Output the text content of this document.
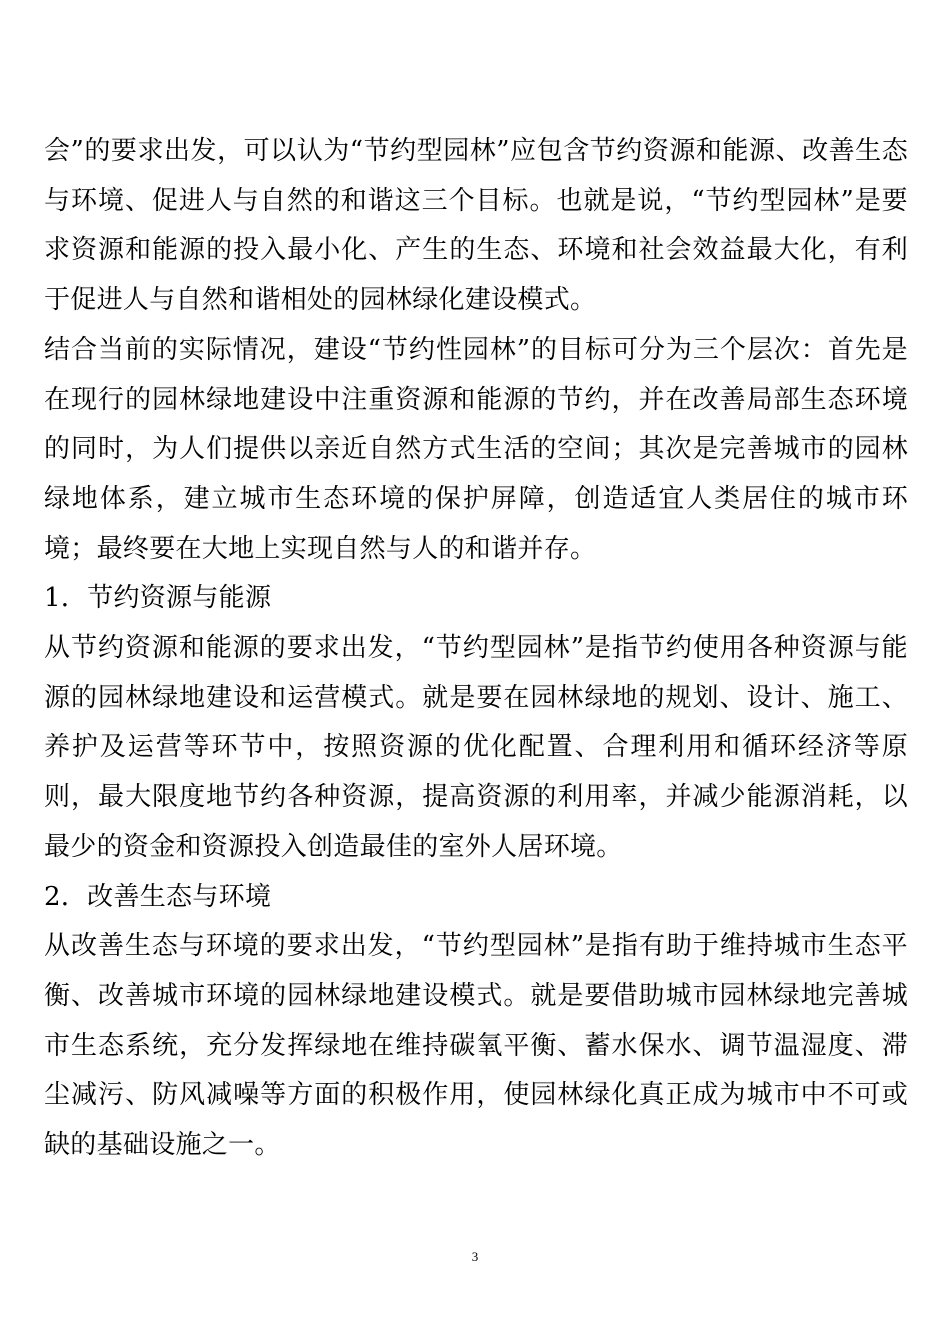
会”的要求出发，可以认为“节约型园林”应包含节约资源和能源、改善生态与环境、促进人与自然的和谐这三个目标。也就是说，“节约型园林”是要求资源和能源的投入最小化、产生的生态、环境和社会效益最大化，有利于促进人与自然和谐相处的园林绿化建设模式。

结合当前的实际情况，建设“节约性园林”的目标可分为三个层次：首先是在现行的园林绿地建设中注重资源和能源的节约，并在改善局部生态环境的同时，为人们提供以亲近自然方式生活的空间；其次是完善城市的园林绿地体系，建立城市生态环境的保护屏障，创造适宜人类居住的城市环境；最终要在大地上实现自然与人的和谐并存。

1．节约资源与能源

从节约资源和能源的要求出发，“节约型园林”是指节约使用各种资源与能源的园林绿地建设和运营模式。就是要在园林绿地的规划、设计、施工、养护及运营等环节中，按照资源的优化配置、合理利用和循环经济等原则，最大限度地节约各种资源，提高资源的利用率，并减少能源消耗，以最少的资金和资源投入创造最佳的室外人居环境。

2．改善生态与环境

从改善生态与环境的要求出发，“节约型园林”是指有助于维持城市生态平衡、改善城市环境的园林绿地建设模式。就是要借助城市园林绿地完善城市生态系统，充分发挥绿地在维持碳氧平衡、蓄水保水、调节温湿度、滞尘减污、防风减噪等方面的积极作用，使园林绿化真正成为城市中不可或缺的基础设施之一。

3
